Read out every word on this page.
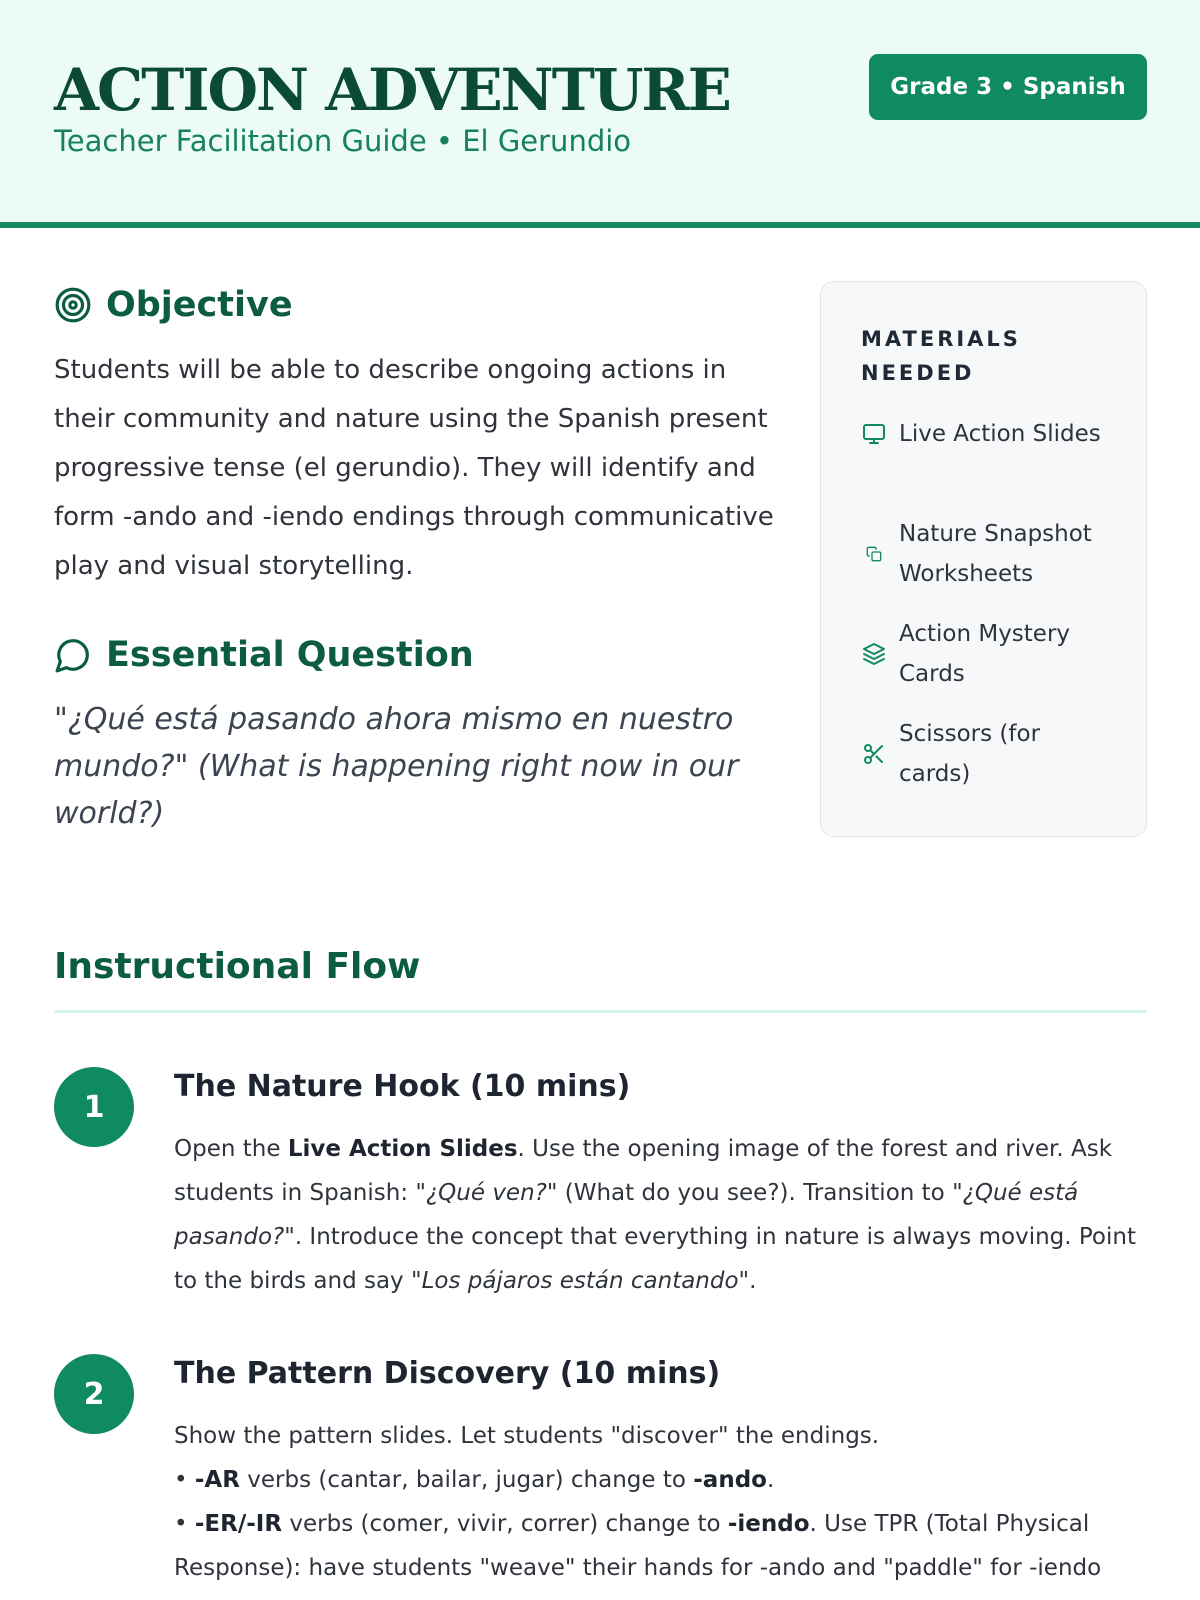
ACTION ADVENTURE
Teacher Facilitation Guide • El Gerundio
Grade 3 • Spanish
Objective

Students will be able to describe ongoing actions in their community and nature using the Spanish present progressive tense (el gerundio). They will identify and form -ando and -iendo endings through communicative play and visual storytelling.

Essential Question

"¿Qué está pasando ahora mismo en nuestro mundo?" (What is happening right now in our world?)

MATERIALS NEEDED
Live Action Slides
Nature Snapshot Worksheets
Action Mystery Cards
Scissors (for cards)
Instructional Flow
1
The Nature Hook (10 mins)
Open the Live Action Slides. Use the opening image of the forest and river. Ask students in Spanish: "¿Qué ven?" (What do you see?). Transition to "¿Qué está pasando?". Introduce the concept that everything in nature is always moving. Point to the birds and say "Los pájaros están cantando".
2
The Pattern Discovery (10 mins)
Show the pattern slides. Let students "discover" the endings.
• -AR verbs (cantar, bailar, jugar) change to -ando.
• -ER/-IR verbs (comer, vivir, correr) change to -iendo. Use TPR (Total Physical Response): have students "weave" their hands for -ando and "paddle" for -iendo
